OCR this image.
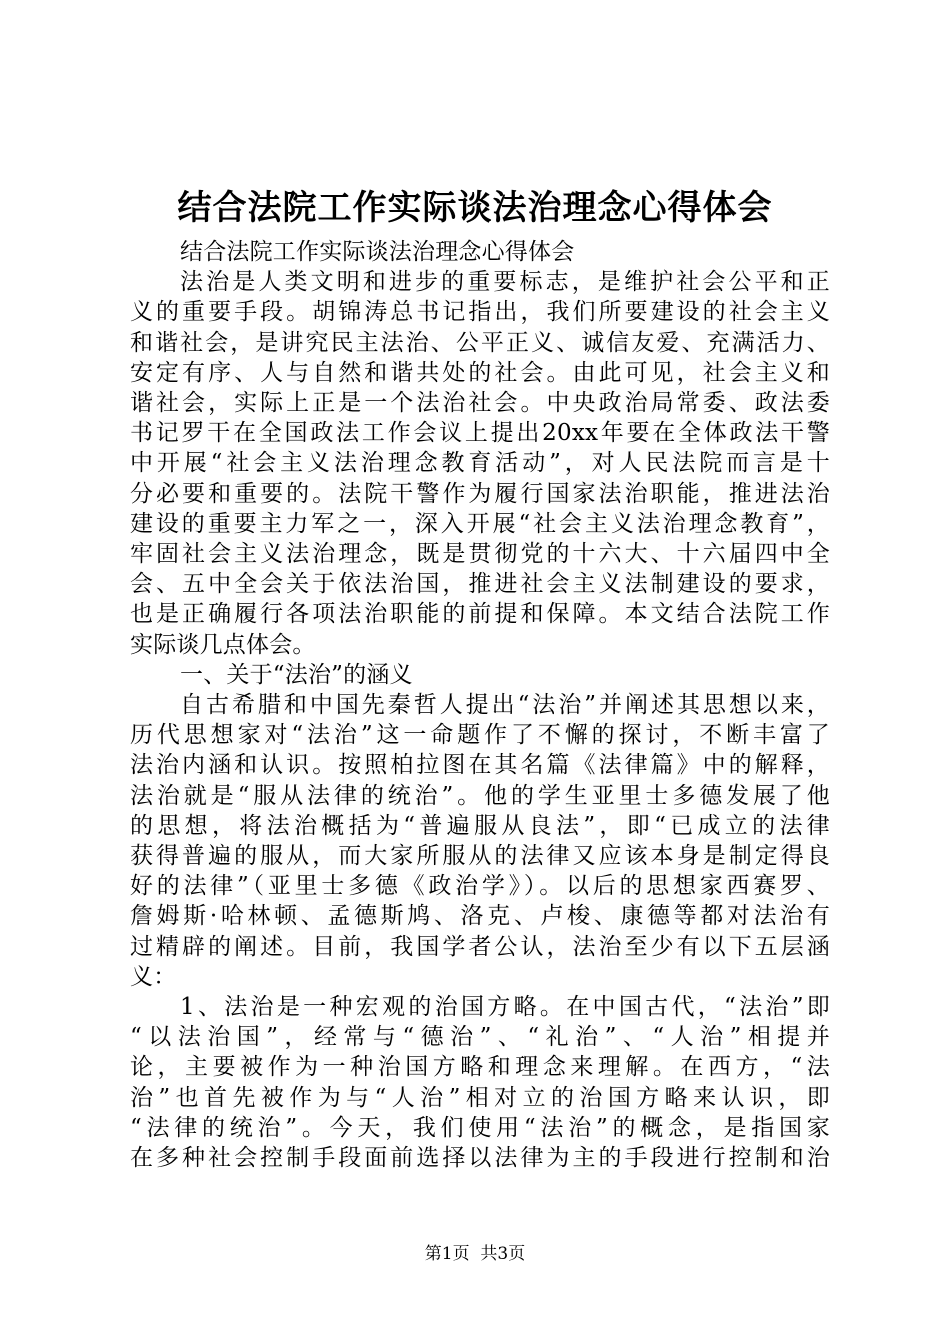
结合法院工作实际谈法治理念心得体会
结合法院工作实际谈法治理念心得体会
法治是人类文明和进步的重要标志，是维护社会公平和正
义的重要手段。胡锦涛总书记指出，我们所要建设的社会主义
和谐社会，是讲究民主法治、公平正义、诚信友爱、充满活力、
安定有序、人与自然和谐共处的社会。由此可见，社会主义和
谐社会，实际上正是一个法治社会。中央政治局常委、政法委
书记罗干在全国政法工作会议上提出20xx年要在全体政法干警
中开展“社会主义法治理念教育活动”，对人民法院而言是十
分必要和重要的。法院干警作为履行国家法治职能，推进法治
建设的重要主力军之一，深入开展“社会主义法治理念教育”，
牢固社会主义法治理念，既是贯彻党的十六大、十六届四中全
会、五中全会关于依法治国，推进社会主义法制建设的要求，
也是正确履行各项法治职能的前提和保障。本文结合法院工作
实际谈几点体会。
一、关于“法治”的涵义
自古希腊和中国先秦哲人提出“法治”并阐述其思想以来，
历代思想家对“法治”这一命题作了不懈的探讨，不断丰富了
法治内涵和认识。按照柏拉图在其名篇《法律篇》中的解释，
法治就是“服从法律的统治”。他的学生亚里士多德发展了他
的思想，将法治概括为“普遍服从良法”，即“已成立的法律
获得普遍的服从，而大家所服从的法律又应该本身是制定得良
好的法律”（亚里士多德《政治学》）。以后的思想家西赛罗、
詹姆斯·哈林顿、孟德斯鸠、洛克、卢梭、康德等都对法治有
过精辟的阐述。目前，我国学者公认，法治至少有以下五层涵
义：
1、法治是一种宏观的治国方略。在中国古代，“法治”即
“以法治国”，经常与“德治”、“礼治”、“人治”相提并
论，主要被作为一种治国方略和理念来理解。在西方，“法
治”也首先被作为与“人治”相对立的治国方略来认识，即
“法律的统治”。今天，我们使用“法治”的概念，是指国家
在多种社会控制手段面前选择以法律为主的手段进行控制和治
第1页  共3页
